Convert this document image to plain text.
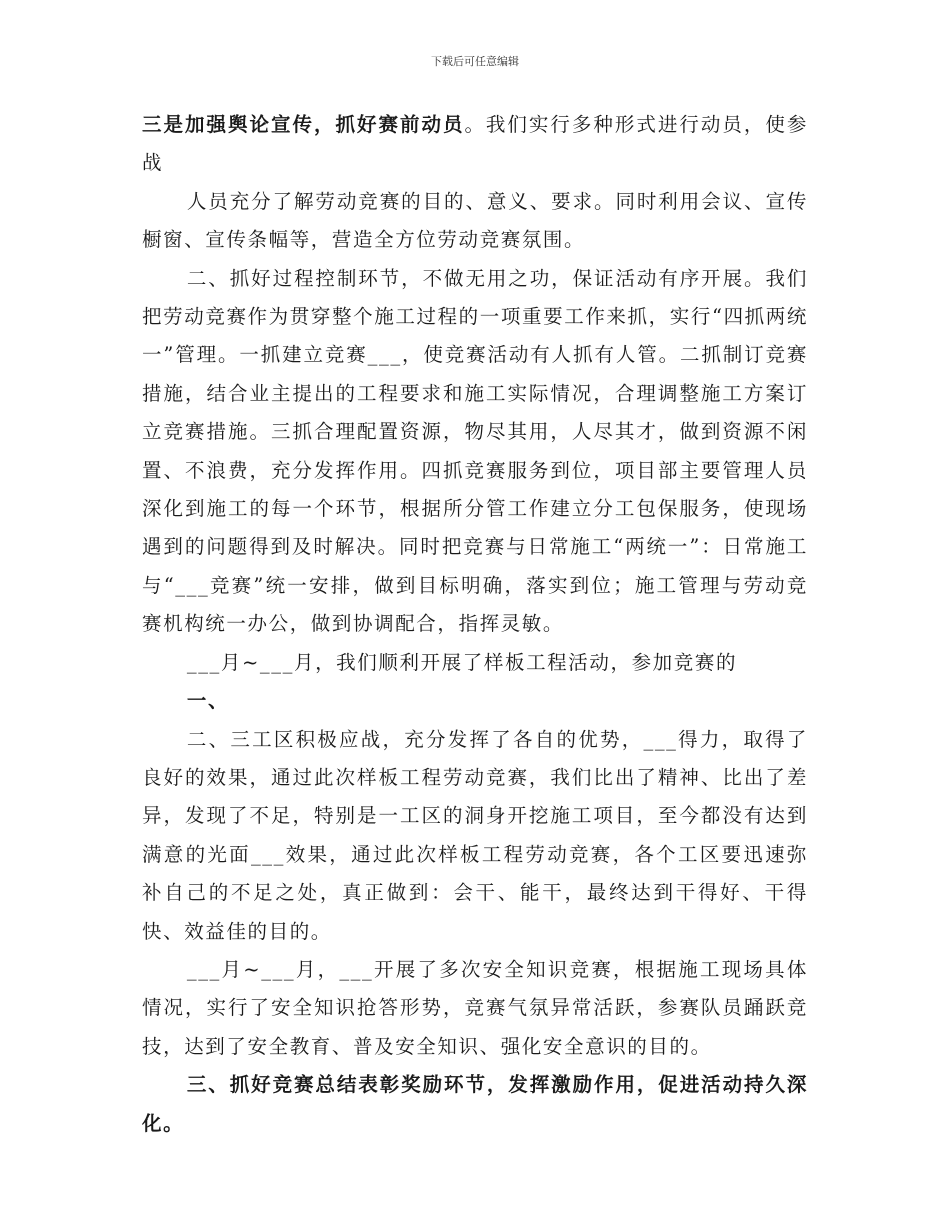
下载后可任意编辑

三是加强舆论宣传，抓好赛前动员。我们实行多种形式进行动员，使参战

人员充分了解劳动竞赛的目的、意义、要求。同时利用会议、宣传橱窗、宣传条幅等，营造全方位劳动竞赛氛围。

二、抓好过程控制环节，不做无用之功，保证活动有序开展。我们把劳动竞赛作为贯穿整个施工过程的一项重要工作来抓，实行“四抓两统一”管理。一抓建立竞赛___，使竞赛活动有人抓有人管。二抓制订竞赛措施，结合业主提出的工程要求和施工实际情况，合理调整施工方案订立竞赛措施。三抓合理配置资源，物尽其用，人尽其才，做到资源不闲置、不浪费，充分发挥作用。四抓竞赛服务到位，项目部主要管理人员深化到施工的每一个环节，根据所分管工作建立分工包保服务，使现场遇到的问题得到及时解决。同时把竞赛与日常施工“两统一”：日常施工与“___竞赛”统一安排，做到目标明确，落实到位；施工管理与劳动竞赛机构统一办公，做到协调配合，指挥灵敏。

___月~___月，我们顺利开展了样板工程活动，参加竞赛的

一、

二、三工区积极应战，充分发挥了各自的优势，___得力，取得了良好的效果，通过此次样板工程劳动竞赛，我们比出了精神、比出了差异，发现了不足，特别是一工区的洞身开挖施工项目，至今都没有达到满意的光面___效果，通过此次样板工程劳动竞赛，各个工区要迅速弥补自己的不足之处，真正做到：会干、能干，最终达到干得好、干得快、效益佳的目的。

___月~___月，___开展了多次安全知识竞赛，根据施工现场具体情况，实行了安全知识抢答形势，竞赛气氛异常活跃，参赛队员踊跃竞技，达到了安全教育、普及安全知识、强化安全意识的目的。

三、抓好竞赛总结表彰奖励环节，发挥激励作用，促进活动持久深化。
